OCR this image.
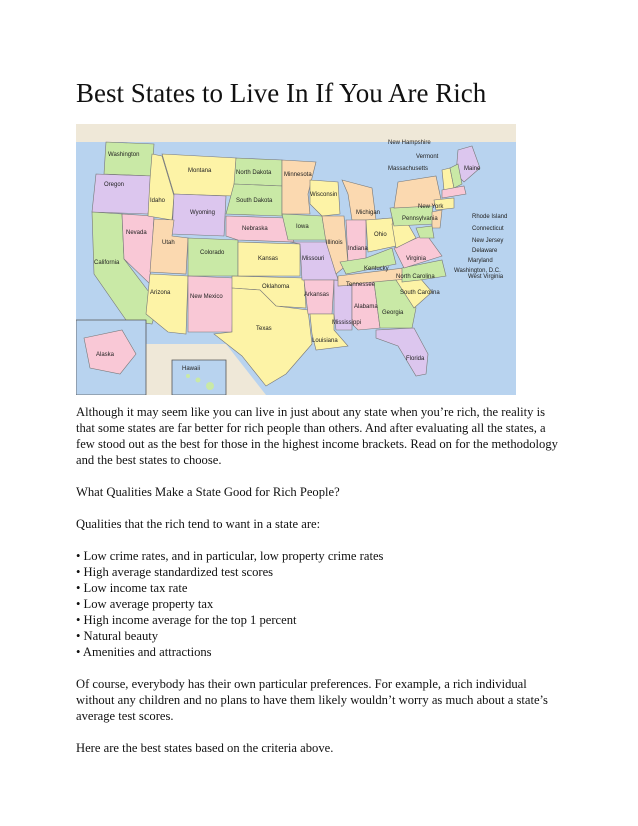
Best States to Live In If You Are Rich
Washington
Oregon
California
Nevada
Idaho
Montana
Wyoming
Utah
Arizona
Colorado
New Mexico
North Dakota
South Dakota
Nebraska
Kansas
Oklahoma
Texas
Minnesota
Iowa
Missouri
Arkansas
Louisiana
Wisconsin
Illinois
Mississippi
Michigan
Indiana
Kentucky
Tennessee
Alabama
Georgia
Florida
Ohio
South Carolina
North Carolina
Virginia
West Virginia
Pennsylvania
New York
Maine
New Hampshire
Vermont
Massachusetts
Rhode Island
Connecticut
New Jersey
Delaware
Maryland
Washington, D.C.
Alaska
Hawaii

Although it may seem like you can live in just about any state when you’re rich, the reality is that some states are far better for rich people than others. And after evaluating all the states, a few stood out as the best for those in the highest income brackets. Read on for the methodology and the best states to choose.

What Qualities Make a State Good for Rich People?

Qualities that the rich tend to want in a state are:

• Low crime rates, and in particular, low property crime rates
• High average standardized test scores
• Low income tax rate
• Low average property tax
• High income average for the top 1 percent
• Natural beauty
• Amenities and attractions

Of course, everybody has their own particular preferences. For example, a rich individual without any children and no plans to have them likely wouldn’t worry as much about a state’s average test scores.

Here are the best states based on the criteria above.
